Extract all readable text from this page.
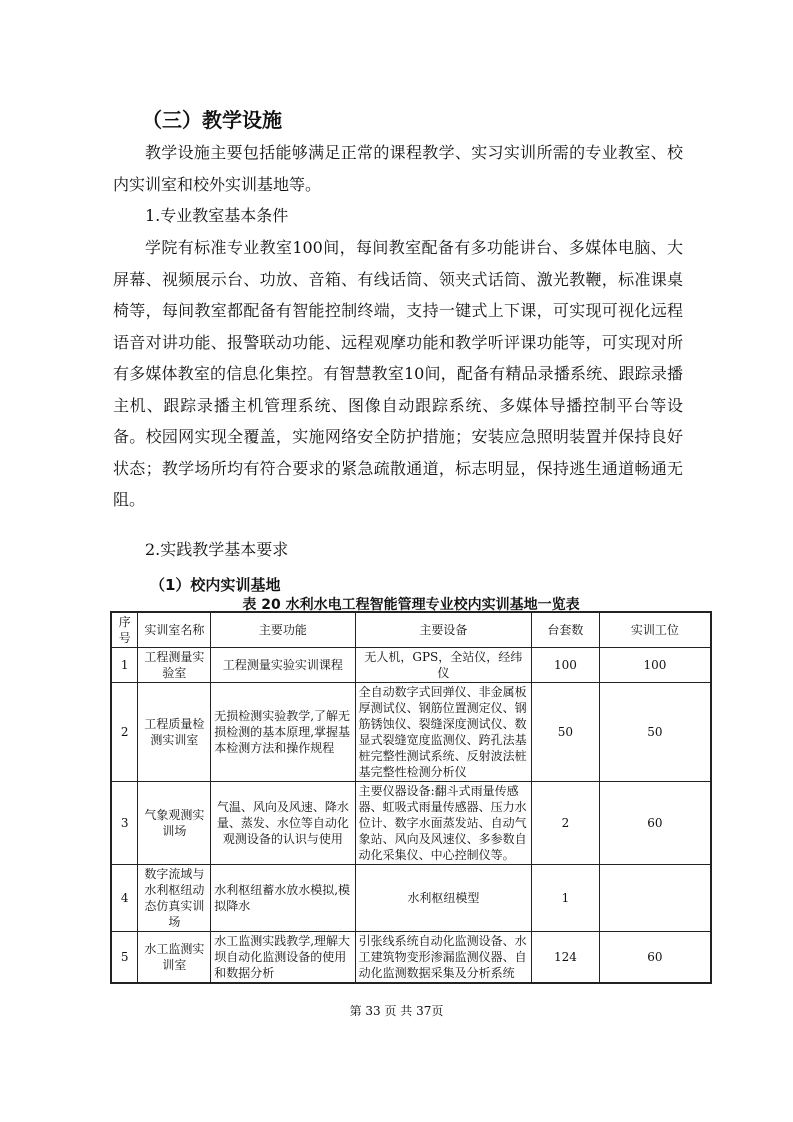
（三）教学设施
教学设施主要包括能够满足正常的课程教学、实习实训所需的专业教室、校内实训室和校外实训基地等。
1.专业教室基本条件
学院有标准专业教室100间，每间教室配备有多功能讲台、多媒体电脑、大屏幕、视频展示台、功放、音箱、有线话筒、领夹式话筒、激光教鞭，标准课桌椅等，每间教室都配备有智能控制终端，支持一键式上下课，可实现可视化远程语音对讲功能、报警联动功能、远程观摩功能和教学听评课功能等，可实现对所有多媒体教室的信息化集控。有智慧教室10间，配备有精品录播系统、跟踪录播主机、跟踪录播主机管理系统、图像自动跟踪系统、多媒体导播控制平台等设备。校园网实现全覆盖，实施网络安全防护措施；安装应急照明装置并保持良好状态；教学场所均有符合要求的紧急疏散通道，标志明显，保持逃生通道畅通无阻。
2.实践教学基本要求
（1）校内实训基地
表 20 水利水电工程智能管理专业校内实训基地一览表
序号	实训室名称	主要功能	主要设备	台套数	实训工位
1	工程测量实验室	工程测量实验实训课程	无人机，GPS，全站仪，经纬仪	100	100
2	工程质量检测实训室	无损检测实验教学,了解无损检测的基本原理,掌握基本检测方法和操作规程	全自动数字式回弹仪、非金属板厚测试仪、钢筋位置测定仪、钢筋锈蚀仪、裂缝深度测试仪、数显式裂缝宽度监测仪、跨孔法基桩完整性测试系统、反射波法桩基完整性检测分析仪	50	50
3	气象观测实训场	气温、风向及风速、降水量、蒸发、水位等自动化观测设备的认识与使用	主要仪器设备:翻斗式雨量传感器、虹吸式雨量传感器、压力水位计、数字水面蒸发站、自动气象站、风向及风速仪、多参数自动化采集仪、中心控制仪等。	2	60
4	数字流域与水利枢纽动态仿真实训场	水利枢纽蓄水放水模拟,模拟降水	水利枢纽模型	1	
5	水工监测实训室	水工监测实践教学,理解大坝自动化监测设备的使用和数据分析	引张线系统自动化监测设备、水工建筑物变形渗漏监测仪器、自动化监测数据采集及分析系统	124	60
第 33 页 共 37页
